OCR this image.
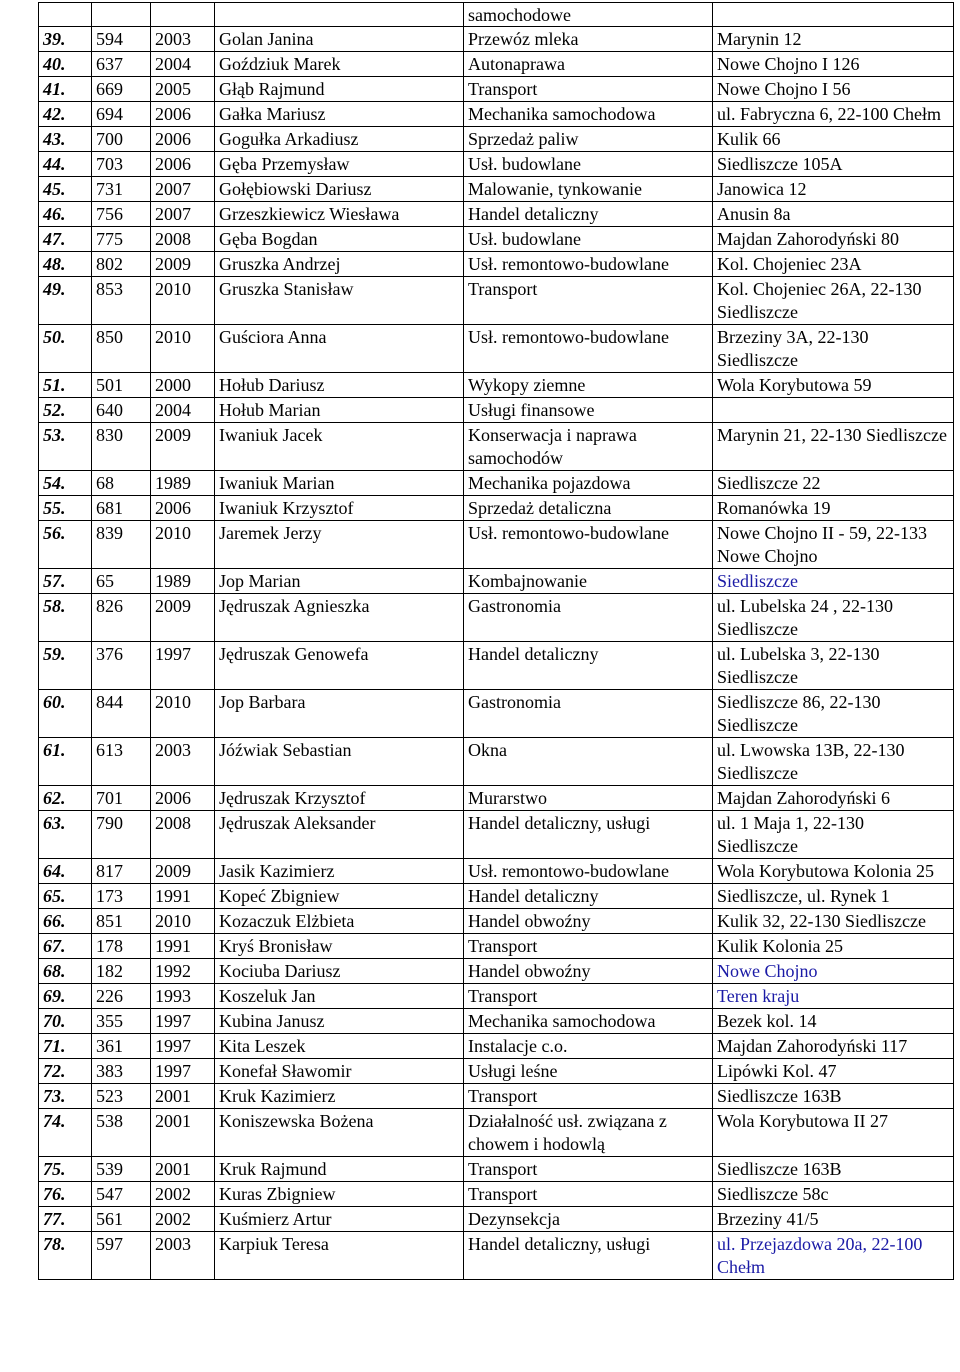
				samochodowe	
39.	594	2003	Golan Janina	Przewóz mleka	Marynin 12
40.	637	2004	Goździuk Marek	Autonaprawa	Nowe Chojno I 126
41.	669	2005	Głąb Rajmund	Transport	Nowe Chojno I 56
42.	694	2006	Gałka Mariusz	Mechanika samochodowa	ul. Fabryczna 6, 22-100 Chełm
43.	700	2006	Gogułka Arkadiusz	Sprzedaż paliw	Kulik 66
44.	703	2006	Gęba Przemysław	Usł. budowlane	Siedliszcze 105A
45.	731	2007	Gołębiowski Dariusz	Malowanie, tynkowanie	Janowica 12
46.	756	2007	Grzeszkiewicz Wiesława	Handel detaliczny	Anusin 8a
47.	775	2008	Gęba Bogdan	Usł. budowlane	Majdan Zahorodyński 80
48.	802	2009	Gruszka Andrzej	Usł. remontowo-budowlane	Kol. Chojeniec 23A
49.	853	2010	Gruszka Stanisław	Transport	Kol. Chojeniec 26A, 22-130 Siedliszcze
50.	850	2010	Guściora Anna	Usł. remontowo-budowlane	Brzeziny 3A, 22-130 Siedliszcze
51.	501	2000	Hołub Dariusz	Wykopy ziemne	Wola Korybutowa 59
52.	640	2004	Hołub Marian	Usługi finansowe	
53.	830	2009	Iwaniuk Jacek	Konserwacja i naprawa samochodów	Marynin 21, 22-130 Siedliszcze
54.	68	1989	Iwaniuk Marian	Mechanika pojazdowa	Siedliszcze 22
55.	681	2006	Iwaniuk Krzysztof	Sprzedaż detaliczna	Romanówka 19
56.	839	2010	Jaremek Jerzy	Usł. remontowo-budowlane	Nowe Chojno II - 59, 22-133 Nowe Chojno
57.	65	1989	Jop Marian	Kombajnowanie	Siedliszcze
58.	826	2009	Jędruszak Agnieszka	Gastronomia	ul. Lubelska 24 , 22-130 Siedliszcze
59.	376	1997	Jędruszak Genowefa	Handel detaliczny	ul. Lubelska 3, 22-130 Siedliszcze
60.	844	2010	Jop Barbara	Gastronomia	Siedliszcze 86, 22-130 Siedliszcze
61.	613	2003	Jóźwiak Sebastian	Okna	ul. Lwowska 13B, 22-130 Siedliszcze
62.	701	2006	Jędruszak Krzysztof	Murarstwo	Majdan Zahorodyński 6
63.	790	2008	Jędruszak Aleksander	Handel detaliczny, usługi	ul. 1 Maja 1, 22-130 Siedliszcze
64.	817	2009	Jasik Kazimierz	Usł. remontowo-budowlane	Wola Korybutowa Kolonia 25
65.	173	1991	Kopeć Zbigniew	Handel detaliczny	Siedliszcze, ul. Rynek 1
66.	851	2010	Kozaczuk Elżbieta	Handel obwoźny	Kulik 32, 22-130 Siedliszcze
67.	178	1991	Kryś Bronisław	Transport	Kulik Kolonia 25
68.	182	1992	Kociuba Dariusz	Handel obwoźny	Nowe Chojno
69.	226	1993	Koszeluk Jan	Transport	Teren kraju
70.	355	1997	Kubina Janusz	Mechanika samochodowa	Bezek kol. 14
71.	361	1997	Kita Leszek	Instalacje c.o.	Majdan Zahorodyński 117
72.	383	1997	Konefał Sławomir	Usługi leśne	Lipówki Kol. 47
73.	523	2001	Kruk Kazimierz	Transport	Siedliszcze 163B
74.	538	2001	Koniszewska Bożena	Działalność usł. związana z chowem i hodowlą	Wola Korybutowa II 27
75.	539	2001	Kruk Rajmund	Transport	Siedliszcze 163B
76.	547	2002	Kuras Zbigniew	Transport	Siedliszcze 58c
77.	561	2002	Kuśmierz Artur	Dezynsekcja	Brzeziny 41/5
78.	597	2003	Karpiuk Teresa	Handel detaliczny, usługi	ul. Przejazdowa 20a, 22-100 Chełm
